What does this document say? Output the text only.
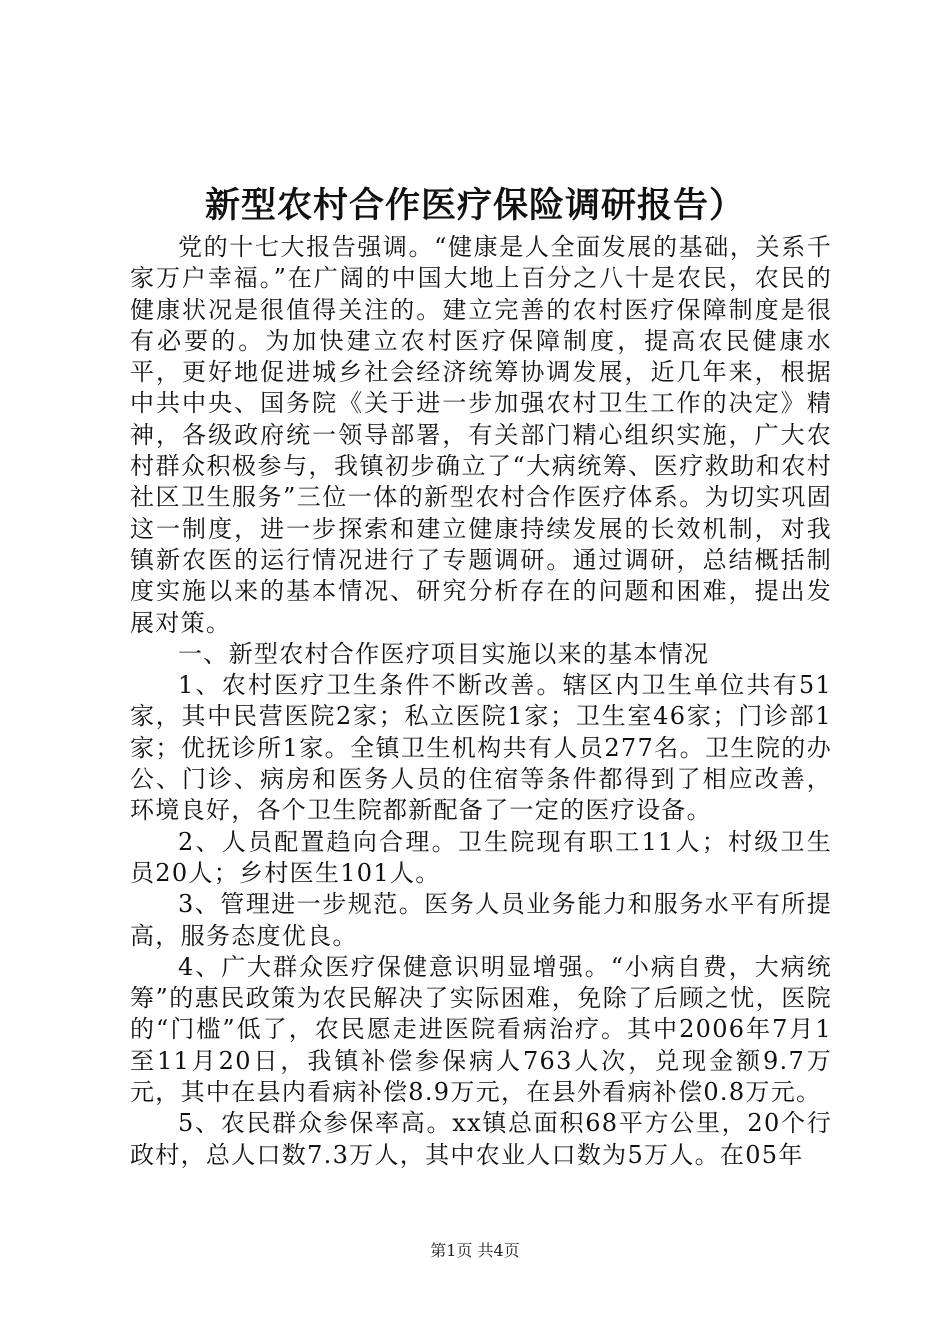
新型农村合作医疗保险调研报告）

党的十七大报告强调。“健康是人全面发展的基础，关系千家万户幸福。”在广阔的中国大地上百分之八十是农民，农民的健康状况是很值得关注的。建立完善的农村医疗保障制度是很有必要的。为加快建立农村医疗保障制度，提高农民健康水平，更好地促进城乡社会经济统筹协调发展，近几年来，根据中共中央、国务院《关于进一步加强农村卫生工作的决定》精神，各级政府统一领导部署，有关部门精心组织实施，广大农村群众积极参与，我镇初步确立了“大病统筹、医疗救助和农村社区卫生服务”三位一体的新型农村合作医疗体系。为切实巩固这一制度，进一步探索和建立健康持续发展的长效机制，对我镇新农医的运行情况进行了专题调研。通过调研，总结概括制度实施以来的基本情况、研究分析存在的问题和困难，提出发展对策。

一、新型农村合作医疗项目实施以来的基本情况

1、农村医疗卫生条件不断改善。辖区内卫生单位共有51家，其中民营医院2家；私立医院1家；卫生室46家；门诊部1家；优抚诊所1家。全镇卫生机构共有人员277名。卫生院的办公、门诊、病房和医务人员的住宿等条件都得到了相应改善，环境良好，各个卫生院都新配备了一定的医疗设备。

2、人员配置趋向合理。卫生院现有职工11人；村级卫生员20人；乡村医生101人。

3、管理进一步规范。医务人员业务能力和服务水平有所提高，服务态度优良。

4、广大群众医疗保健意识明显增强。“小病自费，大病统筹”的惠民政策为农民解决了实际困难，免除了后顾之忧，医院的“门槛”低了，农民愿走进医院看病治疗。其中2006年7月1至11月20日，我镇补偿参保病人763人次，兑现金额9.7万元，其中在县内看病补偿8.9万元，在县外看病补偿0.8万元。

5、农民群众参保率高。xx镇总面积68平方公里，20个行政村，总人口数7.3万人，其中农业人口数为5万人。在05年

第1页 共4页
